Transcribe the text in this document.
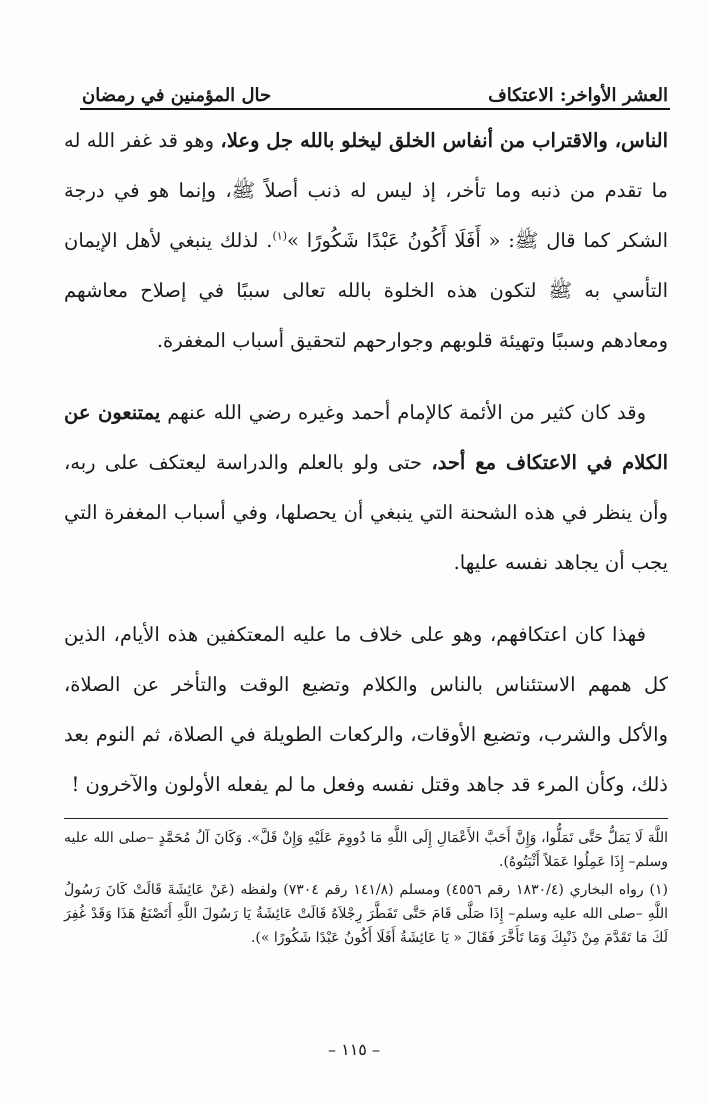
العشر الأواخر: الاعتكاف
حال المؤمنين في رمضان

الناس، والاقتراب من أنفاس الخلق ليخلو بالله جل وعلا، وهو قد غفر الله له ما تقدم من ذنبه وما تأخر، إذ ليس له ذنب أصلاً ﷺ، وإنما هو في درجة الشكر كما قال ﷺ: « أَفَلَا أَكُونُ عَبْدًا شَكُورًا »$^{(١)}$. لذلك ينبغي لأهل الإيمان التأسي به ﷺ لتكون هذه الخلوة بالله تعالى سببًا في إصلاح معاشهم ومعادهم وسببًا وتهيئة قلوبهم وجوارحهم لتحقيق أسباب المغفرة.

وقد كان كثير من الأئمة كالإمام أحمد وغيره رضي الله عنهم يمتنعون عن الكلام في الاعتكاف مع أحد، حتى ولو بالعلم والدراسة ليعتكف على ربه، وأن ينظر في هذه الشحنة التي ينبغي أن يحصلها، وفي أسباب المغفرة التي يجب أن يجاهد نفسه عليها.

فهذا كان اعتكافهم، وهو على خلاف ما عليه المعتكفين هذه الأيام، الذين كل همهم الاستئناس بالناس والكلام وتضيع الوقت والتأخر عن الصلاة، والأكل والشرب، وتضيع الأوقات، والركعات الطويلة في الصلاة، ثم النوم بعد ذلك، وكأن المرء قد جاهد وقتل نفسه وفعل ما لم يفعله الأولون والآخرون !

اللَّهَ لَا يَمَلُّ حَتَّى تَمَلُّوا، وَإِنَّ أَحَبَّ الأَعْمَالِ إِلَى اللَّهِ مَا دُووِمَ عَلَيْهِ وَإِنْ قَلَّ». وَكَانَ آلُ مُحَمَّدٍ –صلى الله عليه وسلم– إِذَا عَمِلُوا عَمَلاً أَثْبَتُوهُ).

(١) رواه البخاري (١٨٣٠/٤ رقم ٤٥٥٦) ومسلم (١٤١/٨ رقم ٧٣٠٤) ولفظه (عَنْ عَائِشَةَ قَالَتْ كَانَ رَسُولُ اللَّهِ –صلى الله عليه وسلم– إِذَا صَلَّى قَامَ حَتَّى تَفَطَّرَ رِجْلاَهُ قَالَتْ عَائِشَةُ يَا رَسُولَ اللَّهِ أَتَصْنَعُ هَذَا وَقَدْ غُفِرَ لَكَ مَا تَقَدَّمَ مِنْ ذَنْبِكَ وَمَا تَأَخَّرَ فَقَالَ « يَا عَائِشَةُ أَفَلَا أَكُونُ عَبْدًا شَكُورًا »).

– ١١٥ –
